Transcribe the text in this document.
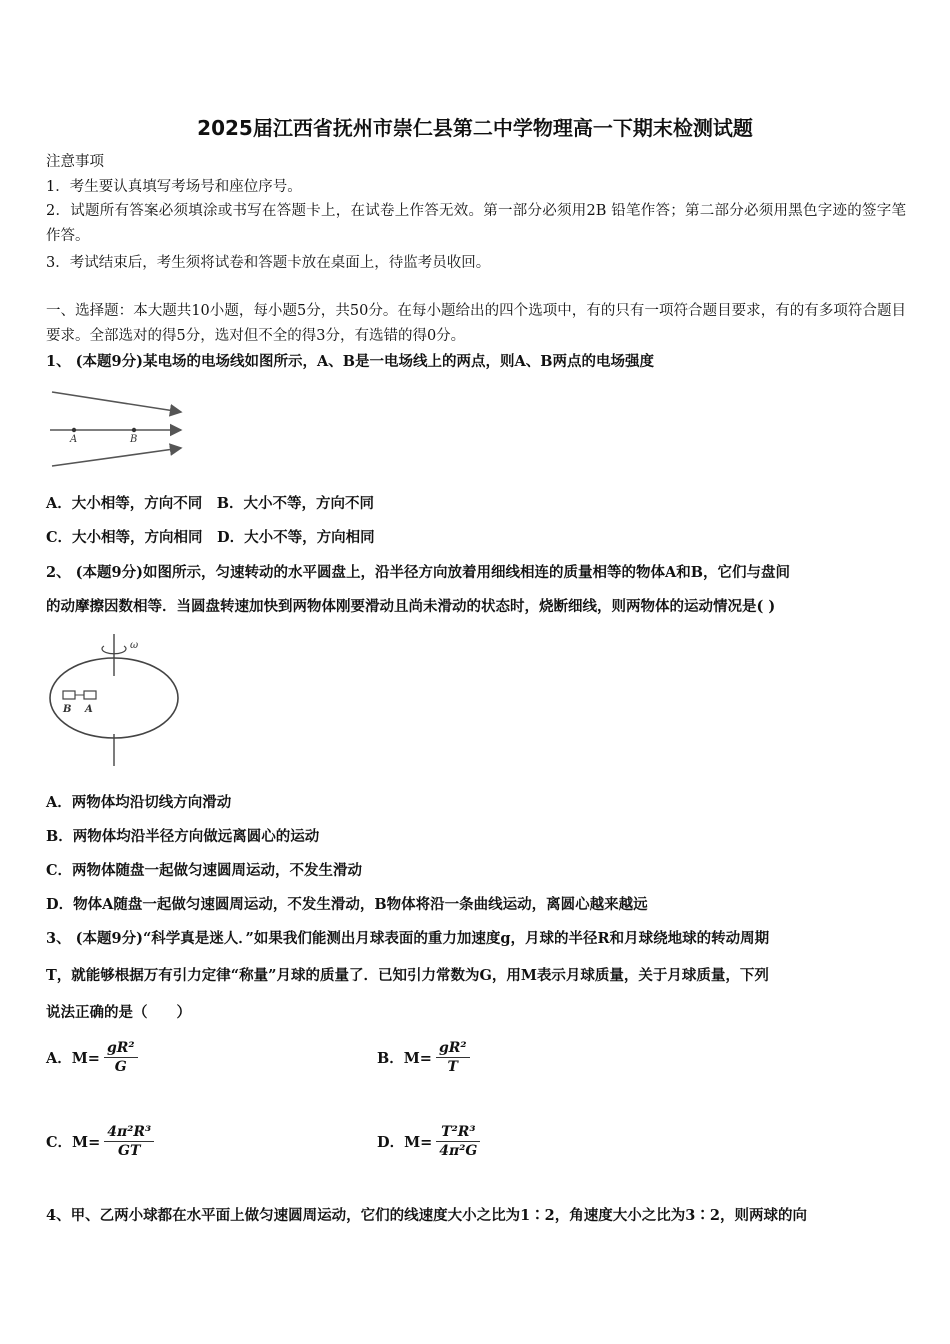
2025届江西省抚州市崇仁县第二中学物理高一下期末检测试题
注意事项
1．考生要认真填写考场号和座位序号。
2．试题所有答案必须填涂或书写在答题卡上，在试卷上作答无效。第一部分必须用2B 铅笔作答；第二部分必须用黑色字迹的签字笔作答。
3．考试结束后，考生须将试卷和答题卡放在桌面上，待监考员收回。
一、选择题：本大题共10小题，每小题5分，共50分。在每小题给出的四个选项中，有的只有一项符合题目要求，有的有多项符合题目要求。全部选对的得5分，选对但不全的得3分，有选错的得0分。
1、 (本题9分)某电场的电场线如图所示，A、B是一电场线上的两点，则A、B两点的电场强度
A	B
A．大小相等，方向不同　B．大小不等，方向不同
C．大小相等，方向相同　D．大小不等，方向相同
2、 (本题9分)如图所示，匀速转动的水平圆盘上，沿半径方向放着用细线相连的质量相等的物体A和B，它们与盘间
的动摩擦因数相等．当圆盘转速加快到两物体刚要滑动且尚未滑动的状态时，烧断细线，则两物体的运动情况是( )
ω
B A
A．两物体均沿切线方向滑动
B．两物体均沿半径方向做远离圆心的运动
C．两物体随盘一起做匀速圆周运动，不发生滑动
D．物体A随盘一起做匀速圆周运动，不发生滑动，B物体将沿一条曲线运动，离圆心越来越远
3、 (本题9分)“科学真是迷人．”如果我们能测出月球表面的重力加速度g，月球的半径R和月球绕地球的转动周期
T，就能够根据万有引力定律“称量”月球的质量了．已知引力常数为G，用M表示月球质量，关于月球质量，下列
说法正确的是（　　）
A．$M= \frac{\text{gR²}}{G}$	B．$M= \frac{\text{gR²}}{T}$
C．$M= \frac{\text{4π²R³}}{GT}$	D．$M= \frac{\text{T²R³}}{\text{4π²G}}$
4、甲、乙两小球都在水平面上做匀速圆周运动，它们的线速度大小之比为1∶2，角速度大小之比为3∶2，则两球的向
